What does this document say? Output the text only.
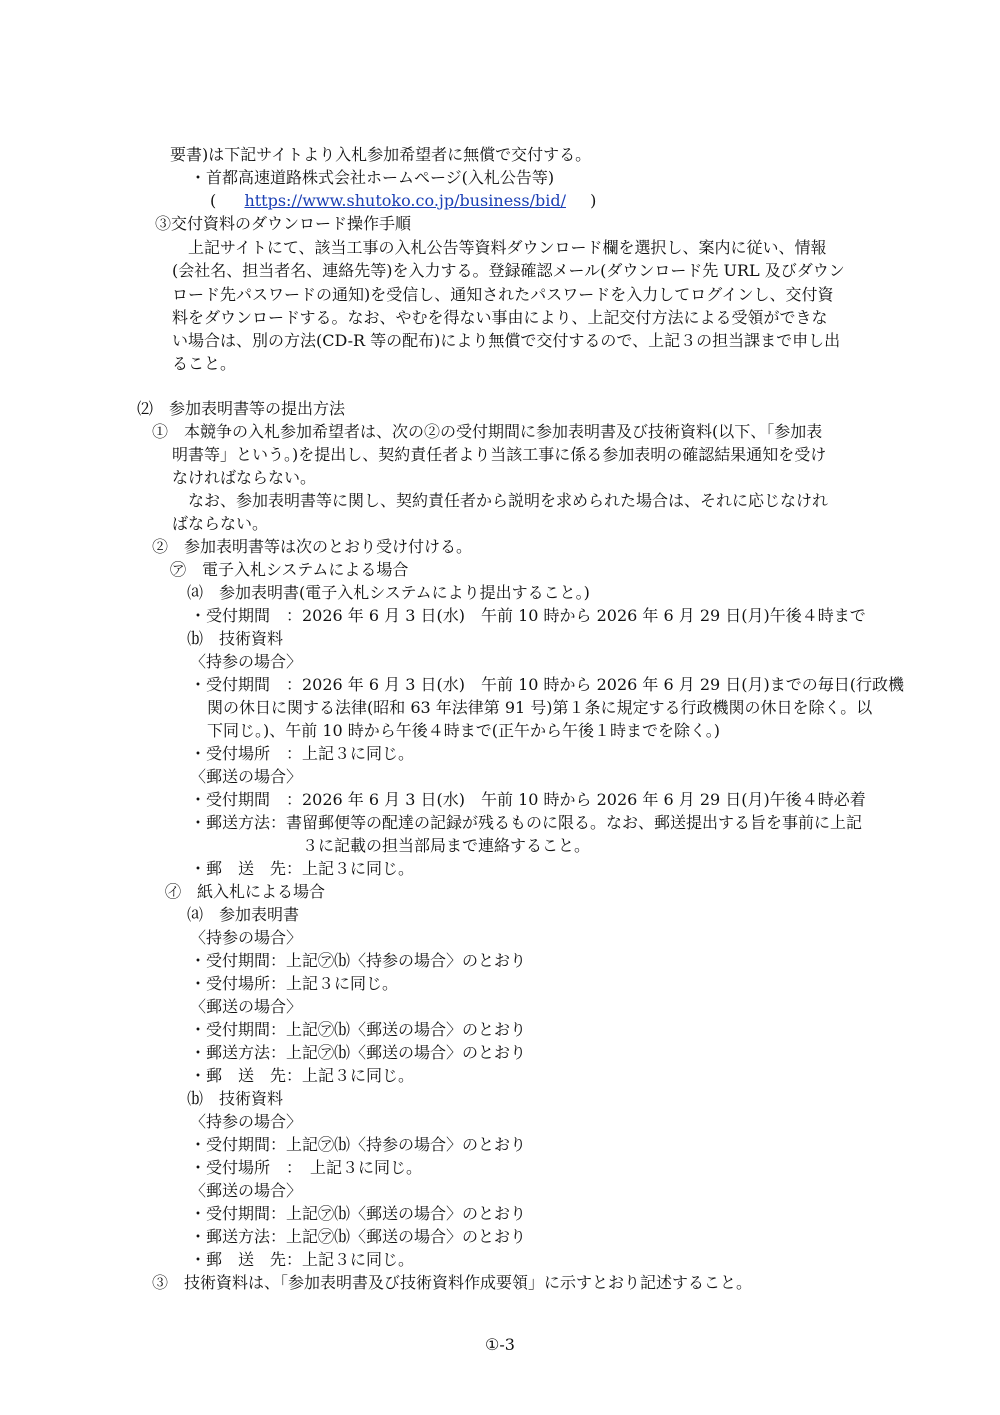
要書)は下記サイトより入札参加希望者に無償で交付する。
・首都高速道路株式会社ホームページ(入札公告等)
( https://www.shutoko.co.jp/business/bid/ )
③交付資料のダウンロード操作手順
上記サイトにて、該当工事の入札公告等資料ダウンロード欄を選択し、案内に従い、情報
(会社名、担当者名、連絡先等)を入力する。登録確認メール(ダウンロード先 URL 及びダウン
ロード先パスワードの通知)を受信し、通知されたパスワードを入力してログインし、交付資
料をダウンロードする。なお、やむを得ない事由により、上記交付方法による受領ができな
い場合は、別の方法(CD-R 等の配布)により無償で交付するので、上記３の担当課まで申し出
ること。
⑵　参加表明書等の提出方法
①　本競争の入札参加希望者は、次の②の受付期間に参加表明書及び技術資料(以下、「参加表
明書等」という。)を提出し、契約責任者より当該工事に係る参加表明の確認結果通知を受け
なければならない。
なお、参加表明書等に関し、契約責任者から説明を求められた場合は、それに応じなけれ
ばならない。
②　参加表明書等は次のとおり受け付ける。
㋐　電子入札システムによる場合
⒜　参加表明書(電子入札システムにより提出すること。)
・受付期間　：2026 年 6 月 3 日(水)　午前 10 時から 2026 年 6 月 29 日(月)午後４時まで
⒝　技術資料
〈持参の場合〉
・受付期間　：2026 年 6 月 3 日(水)　午前 10 時から 2026 年 6 月 29 日(月)までの毎日(行政機
関の休日に関する法律(昭和 63 年法律第 91 号)第１条に規定する行政機関の休日を除く。以
下同じ。)、午前 10 時から午後４時まで(正午から午後１時までを除く。)
・受付場所　：上記３に同じ。
〈郵送の場合〉
・受付期間　：2026 年 6 月 3 日(水)　午前 10 時から 2026 年 6 月 29 日(月)午後４時必着
・郵送方法：書留郵便等の配達の記録が残るものに限る。なお、郵送提出する旨を事前に上記
３に記載の担当部局まで連絡すること。
・郵　送　先：上記３に同じ。
㋑　紙入札による場合
⒜　参加表明書
〈持参の場合〉
・受付期間：上記㋐⒝〈持参の場合〉のとおり
・受付場所：上記３に同じ。
〈郵送の場合〉
・受付期間：上記㋐⒝〈郵送の場合〉のとおり
・郵送方法：上記㋐⒝〈郵送の場合〉のとおり
・郵　送　先：上記３に同じ。
⒝　技術資料
〈持参の場合〉
・受付期間：上記㋐⒝〈持参の場合〉のとおり
・受付場所　：　上記３に同じ。
〈郵送の場合〉
・受付期間：上記㋐⒝〈郵送の場合〉のとおり
・郵送方法：上記㋐⒝〈郵送の場合〉のとおり
・郵　送　先：上記３に同じ。
③　技術資料は、「参加表明書及び技術資料作成要領」に示すとおり記述すること。
①-3
